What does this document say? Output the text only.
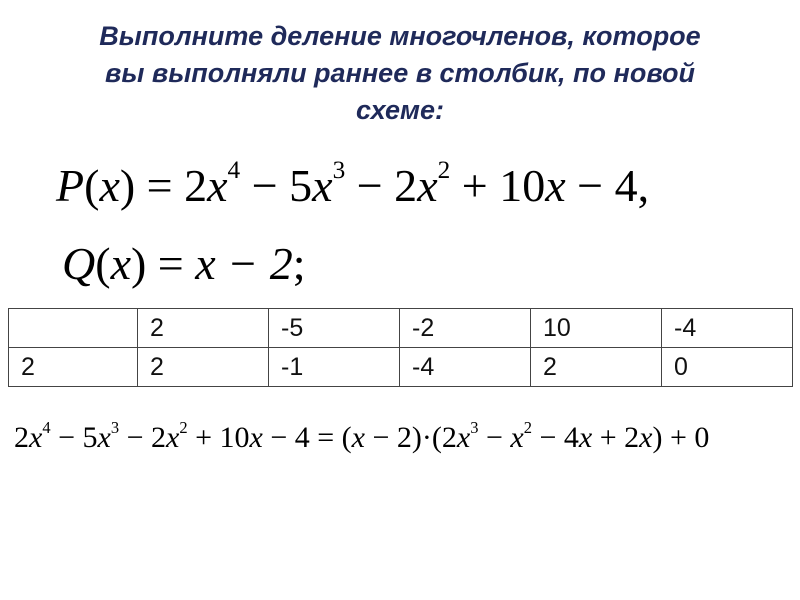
Выполните деление многочленов, которое
вы выполняли раннее в столбик, по новой
схеме:
$P(x) = 2x^4 - 5x^3 - 2x^2 + 10x - 4$,
Q(x) = x − 2;
	2	-5	-2	10	-4
2	2	-1	-4	2	0
$2x^4 - 5x^3 - 2x^2 + 10x - 4 = (x - 2)\cdot(2x^3 - x^2 - 4x + 2x) + 0$
